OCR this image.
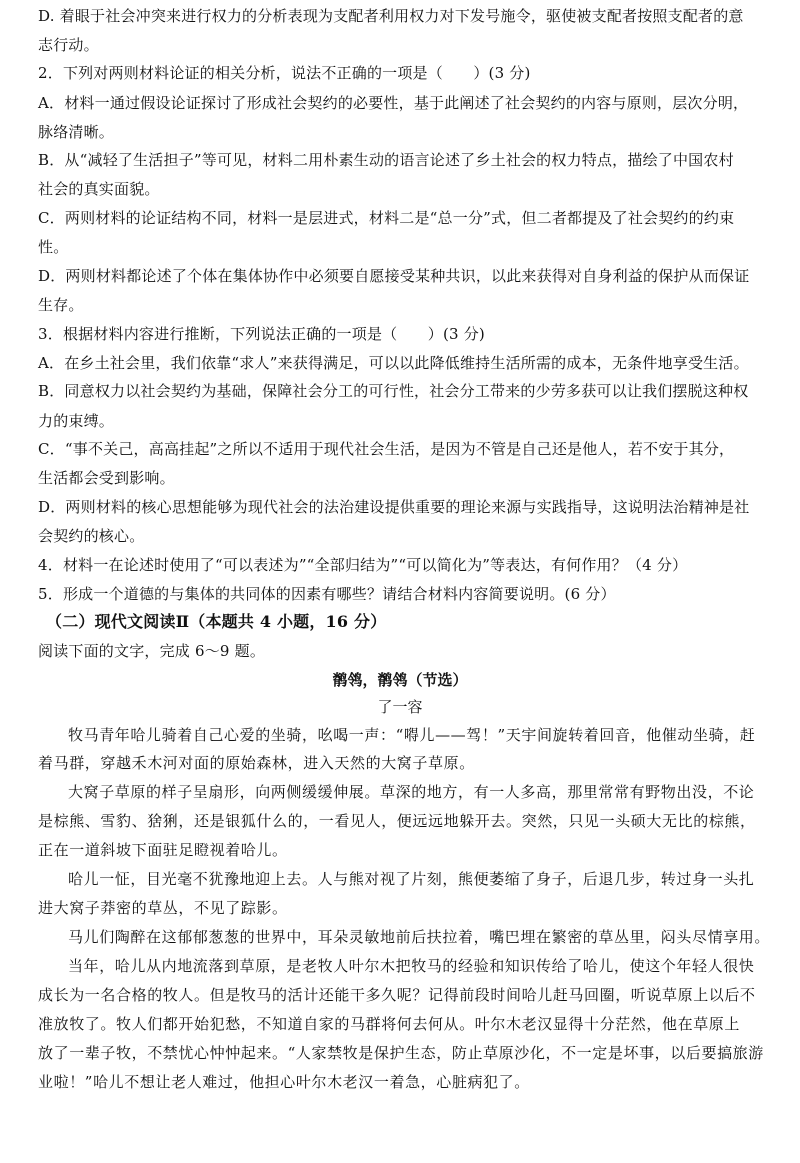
D. 着眼于社会冲突来进行权力的分析表现为支配者利用权力对下发号施令，驱使被支配者按照支配者的意
志行动。
2．下列对两则材料论证的相关分析，说法不正确的一项是（　　）(3 分)
A．材料一通过假设论证探讨了形成社会契约的必要性，基于此阐述了社会契约的内容与原则，层次分明，
脉络清晰。
B．从“减轻了生活担子”等可见，材料二用朴素生动的语言论述了乡土社会的权力特点，描绘了中国农村
社会的真实面貌。
C．两则材料的论证结构不同，材料一是层进式，材料二是“总一分”式，但二者都提及了社会契约的约束
性。
D．两则材料都论述了个体在集体协作中必须要自愿接受某种共识，以此来获得对自身利益的保护从而保证
生存。
3．根据材料内容进行推断，下列说法正确的一项是（　　）(3 分)
A．在乡土社会里，我们依靠“求人”来获得满足，可以以此降低维持生活所需的成本，无条件地享受生活。
B．同意权力以社会契约为基础，保障社会分工的可行性，社会分工带来的少劳多获可以让我们摆脱这种权
力的束缚。
C．“事不关己，高高挂起”之所以不适用于现代社会生活，是因为不管是自己还是他人，若不安于其分，
生活都会受到影响。
D．两则材料的核心思想能够为现代社会的法治建设提供重要的理论来源与实践指导，这说明法治精神是社
会契约的核心。
4．材料一在论述时使用了“可以表述为”“全部归结为”“可以简化为”等表达，有何作用？（4 分）
5．形成一个道德的与集体的共同体的因素有哪些？请结合材料内容简要说明。(6 分）
（二）现代文阅读Ⅱ（本题共 4 小题，16 分）
阅读下面的文字，完成 6～9 题。
鹡鸰，鹡鸰（节选）
了一容
牧马青年哈儿骑着自己心爱的坐骑，吆喝一声：“嘚儿——驾！”天宇间旋转着回音，他催动坐骑，赶
着马群，穿越禾木河对面的原始森林，进入天然的大窝子草原。
大窝子草原的样子呈扇形，向两侧缓缓伸展。草深的地方，有一人多高，那里常常有野物出没，不论
是棕熊、雪豹、猞猁，还是银狐什么的，一看见人，便远远地躲开去。突然，只见一头硕大无比的棕熊，
正在一道斜坡下面驻足瞪视着哈儿。
哈儿一怔，目光毫不犹豫地迎上去。人与熊对视了片刻，熊便萎缩了身子，后退几步，转过身一头扎
进大窝子莽密的草丛，不见了踪影。
马儿们陶醉在这郁郁葱葱的世界中，耳朵灵敏地前后扶拉着，嘴巴埋在繁密的草丛里，闷头尽情享用。
当年，哈儿从内地流落到草原，是老牧人叶尔木把牧马的经验和知识传给了哈儿，使这个年轻人很快
成长为一名合格的牧人。但是牧马的活计还能干多久呢？记得前段时间哈儿赶马回圈，听说草原上以后不
准放牧了。牧人们都开始犯愁，不知道自家的马群将何去何从。叶尔木老汉显得十分茫然，他在草原上
放了一辈子牧，不禁忧心忡忡起来。“人家禁牧是保护生态，防止草原沙化，不一定是坏事，以后要搞旅游
业啦！”哈儿不想让老人难过，他担心叶尔木老汉一着急，心脏病犯了。
